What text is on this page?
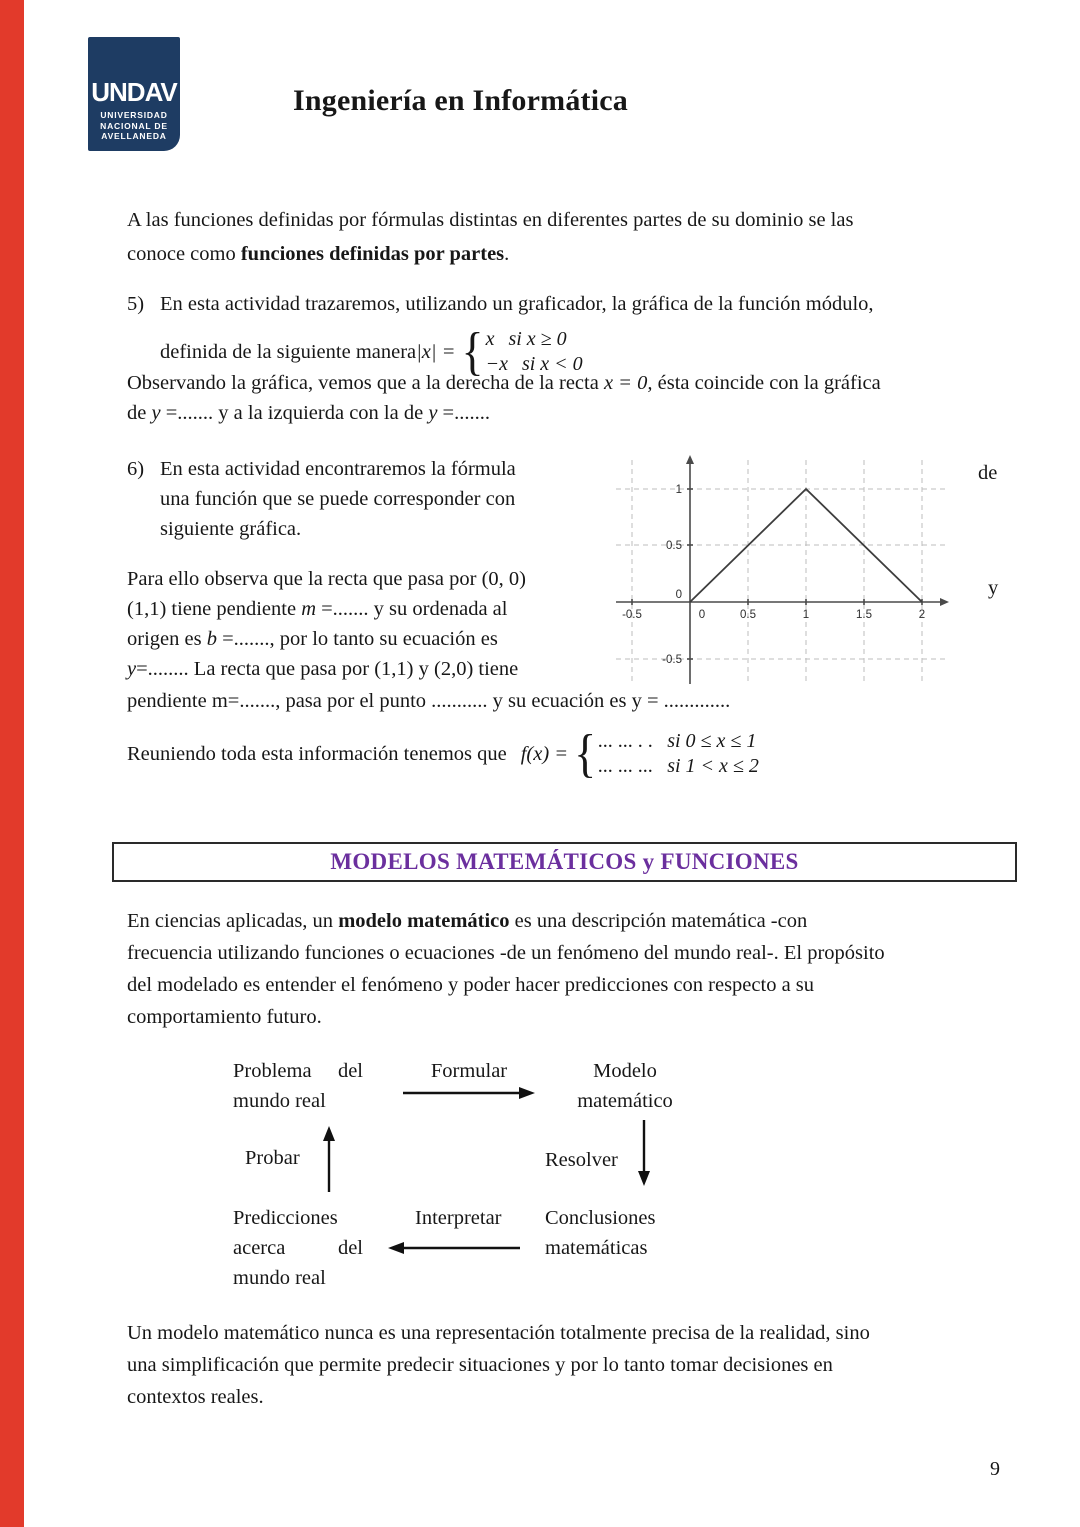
UNDAV
UNIVERSIDAD
NACIONAL DE
AVELLANEDA
Ingeniería en Informática
A las funciones definidas por fórmulas distintas en diferentes partes de su dominio se las
conoce como funciones definidas por partes.
5) En esta actividad trazaremos, utilizando un graficador, la gráfica de la función módulo,

definida de la siguiente manera |x| = { x si x ≥ 0
−x si x < 0
Observando la gráfica, vemos que a la derecha de la recta x = 0, ésta coincide con la gráfica
de y =....... y a la izquierda con la de y =.......
6) En esta actividad encontraremos la fórmula
una función que se puede corresponder con
siguiente gráfica.
de
y
Para ello observa que la recta que pasa por (0, 0)
(1,1) tiene pendiente m =....... y su ordenada al
origen es b =......., por lo tanto su ecuación es
y=........ La recta que pasa por (1,1) y (2,0) tiene
-0.5	0	0.5	1	1.5	2
1
0.5
0
-0.5
pendiente m=......., pasa por el punto ........... y su ecuación es y = .............
Reuniendo toda esta información tenemos que f(x) = { ... ... . . si 0 ≤ x ≤ 1
... ... ... si 1 < x ≤ 2
MODELOS MATEMÁTICOS y FUNCIONES
En ciencias aplicadas, un modelo matemático es una descripción matemática -con
frecuencia utilizando funciones o ecuaciones -de un fenómeno del mundo real-. El propósito
del modelado es entender el fenómeno y poder hacer predicciones con respecto a su
comportamiento futuro.
Problema del
mundo real
Formular	Modelo
matemático
Probar	Resolver
Predicciones
acerca	del
mundo real
Interpretar Conclusiones
matemáticas
Un modelo matemático nunca es una representación totalmente precisa de la realidad, sino
una simplificación que permite predecir situaciones y por lo tanto tomar decisiones en
contextos reales.
9
